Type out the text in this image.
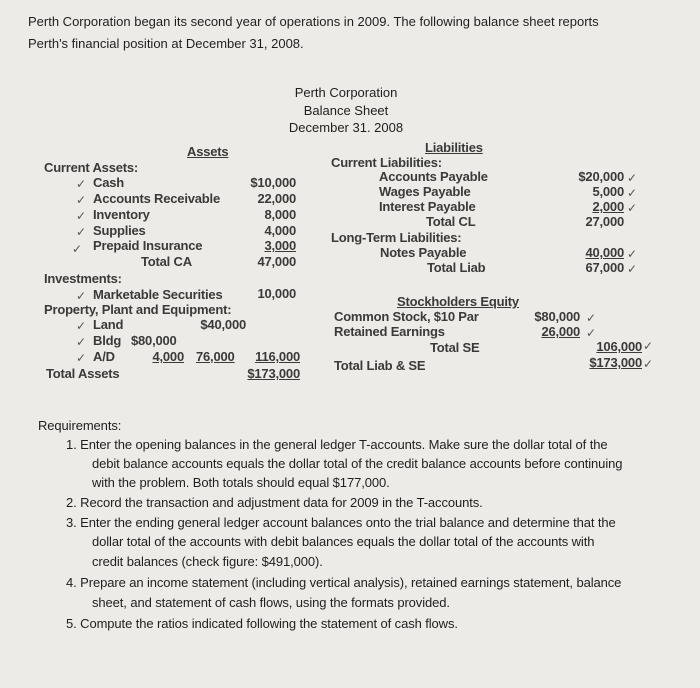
Perth Corporation began its second year of operations in 2009. The following balance sheet reports
Perth's financial position at December 31, 2008.
Perth Corporation
Balance Sheet
December 31. 2008
Assets
Current Assets:
✓ Cash	$10,000
✓ Accounts Receivable	22,000
✓ Inventory	8,000
✓ Supplies	4,000
✓ Prepaid Insurance	3,000
Total CA	47,000
Investments:
✓ Marketable Securities	10,000
Property, Plant and Equipment:
✓ Land	$40,000
✓ Bldg $80,000
✓ A/D	4,000 76,000	116,000
Total Assets	$173,000
Liabilities
Current Liabilities:
Accounts Payable	$20,000 ✓
Wages Payable	5,000 ✓
Interest Payable	2,000 ✓
Total CL	27,000
Long-Term Liabilities:
Notes Payable	40,000 ✓
Total Liab	67,000 ✓
Stockholders Equity
Common Stock, $10 Par	$80,000 ✓
Retained Earnings	26,000 ✓
Total SE	106,000 ✓
Total Liab & SE	$173,000 ✓
Requirements:
1. Enter the opening balances in the general ledger T-accounts. Make sure the dollar total of the
debit balance accounts equals the dollar total of the credit balance accounts before continuing
with the problem. Both totals should equal $177,000.
2. Record the transaction and adjustment data for 2009 in the T-accounts.
3. Enter the ending general ledger account balances onto the trial balance and determine that the
dollar total of the accounts with debit balances equals the dollar total of the accounts with
credit balances (check figure: $491,000).
4. Prepare an income statement (including vertical analysis), retained earnings statement, balance
sheet, and statement of cash flows, using the formats provided.
5. Compute the ratios indicated following the statement of cash flows.
